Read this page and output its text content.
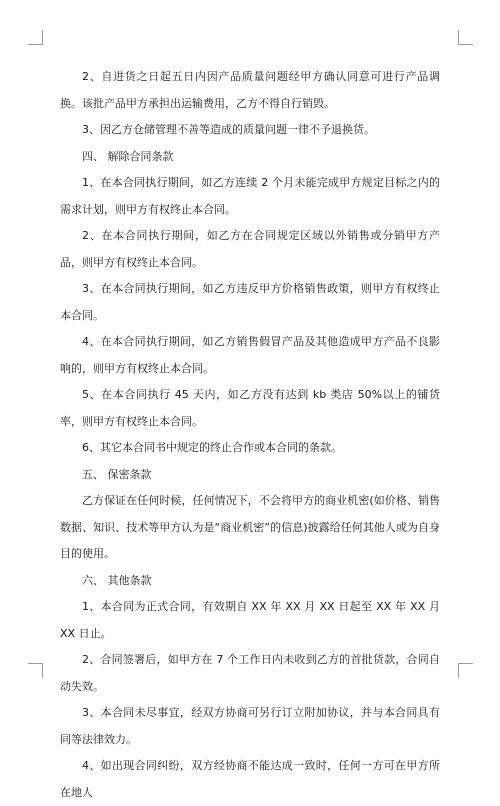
2、自进货之日起五日内因产品质量问题经甲方确认同意可进行产品调换。该批产品甲方承担出运输费用，乙方不得自行销毁。

3、因乙方仓储管理不善等造成的质量问题一律不予退换货。

四、 解除合同条款

1、在本合同执行期间，如乙方连续 2 个月未能完成甲方规定目标之内的需求计划，则甲方有权终止本合同。

2、在本合同执行期间，如乙方在合同规定区域以外销售或分销甲方产品，则甲方有权终止本合同。

3、在本合同执行期间，如乙方违反甲方价格销售政策，则甲方有权终止本合同。

4、在本合同执行期间，如乙方销售假冒产品及其他造成甲方产品不良影响的，则甲方有权终止本合同。

5、在本合同执行 45 天内，如乙方没有达到 kb 类店 50%以上的铺货率，则甲方有权终止本合同。

6、其它本合同书中规定的终止合作或本合同的条款。

五、 保密条款

乙方保证在任何时候，任何情况下，不会将甲方的商业机密(如价格、销售数据、知识、技术等甲方认为是“商业机密”的信息)披露给任何其他人或为自身目的使用。

六、 其他条款

1、本合同为正式合同，有效期自 XX 年 XX 月 XX 日起至 XX 年 XX 月 XX 日止。

2、合同签署后，如甲方在 7 个工作日内未收到乙方的首批货款，合同自动失效。

3、本合同未尽事宜，经双方协商可另行订立附加协议，并与本合同具有同等法律效力。

4、如出现合同纠纷，双方经协商不能达成一致时，任何一方可在甲方所在地人
